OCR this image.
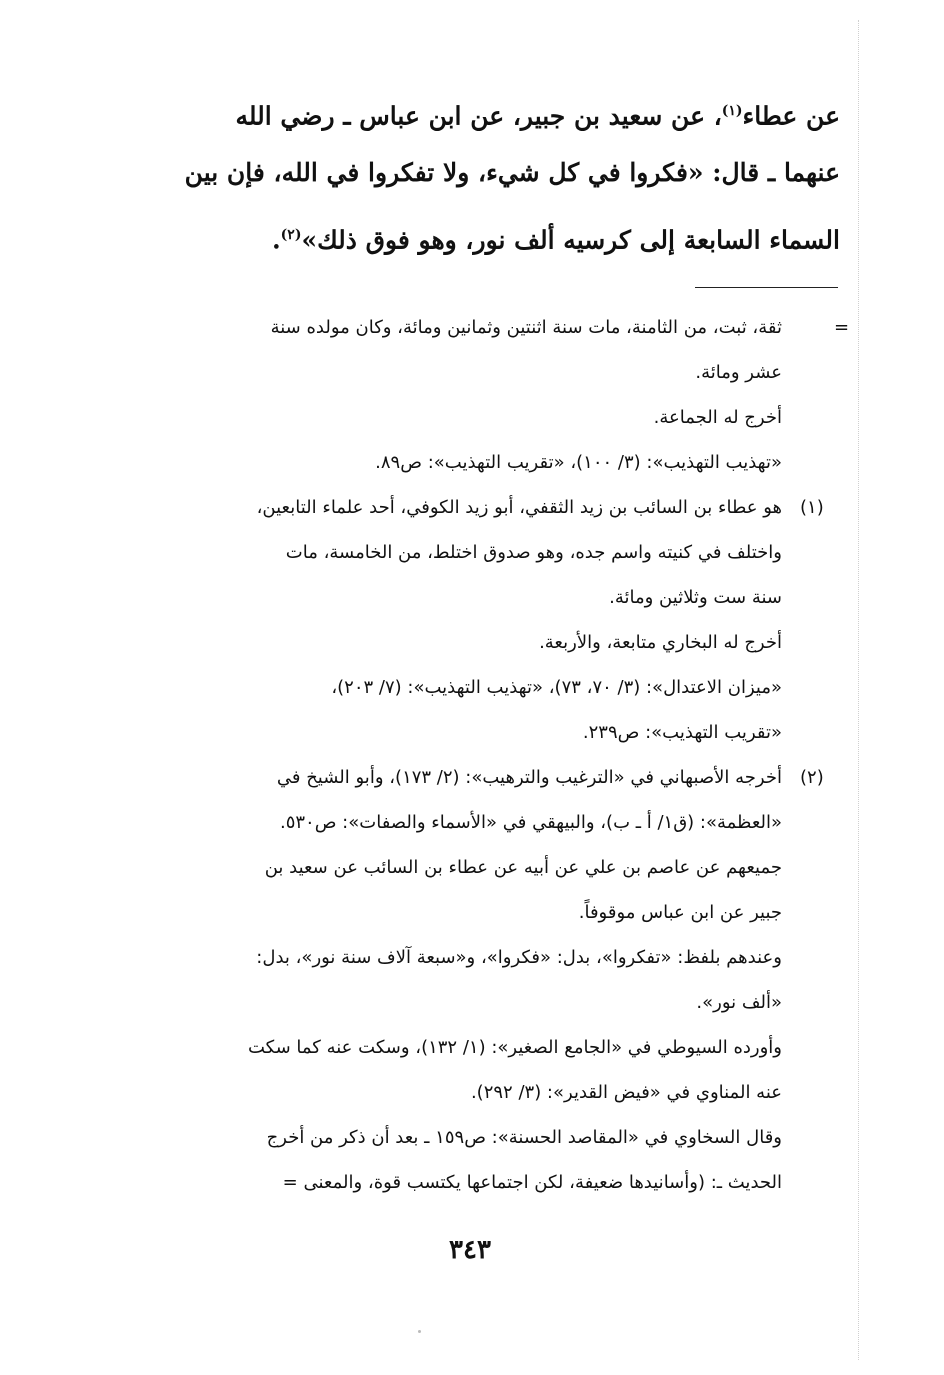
عن عطاء$^{(١)}$، عن سعيد بن جبير، عن ابن عباس ـ رضي الله
عنهما ـ قال: «فكروا في كل شيء، ولا تفكروا في الله، فإن بين
السماء السابعة إلى كرسيه ألف نور، وهو فوق ذلك»$^{(٢)}$.
=
(١)
(٢)
ثقة، ثبت، من الثامنة، مات سنة اثنتين وثمانين ومائة، وكان مولده سنة
عشر ومائة.
أخرج له الجماعة.
«تهذيب التهذيب»: (٣/ ١٠٠)، «تقريب التهذيب»: ص٨٩.
هو عطاء بن السائب بن زيد الثقفي، أبو زيد الكوفي، أحد علماء التابعين،
واختلف في كنيته واسم جده، وهو صدوق اختلط، من الخامسة، مات
سنة ست وثلاثين ومائة.
أخرج له البخاري متابعة، والأربعة.
«ميزان الاعتدال»: (٣/ ٧٠، ٧٣)، «تهذيب التهذيب»: (٧/ ٢٠٣)،
«تقريب التهذيب»: ص٢٣٩.
أخرجه الأصبهاني في «الترغيب والترهيب»: (٢/ ١٧٣)، وأبو الشيخ في
«العظمة»: (ق١/ أ ـ ب)، والبيهقي في «الأسماء والصفات»: ص٥٣٠.
جميعهم عن عاصم بن علي عن أبيه عن عطاء بن السائب عن سعيد بن
جبير عن ابن عباس موقوفاً.
وعندهم بلفظ: «تفكروا»، بدل: «فكروا»، و«سبعة آلاف سنة نور»، بدل:
«ألف نور».
وأورده السيوطي في «الجامع الصغير»: (١/ ١٣٢)، وسكت عنه كما سكت
عنه المناوي في «فيض القدير»: (٣/ ٢٩٢).
وقال السخاوي في «المقاصد الحسنة»: ص١٥٩ ـ بعد أن ذكر من أخرج
الحديث ـ: (وأسانيدها ضعيفة، لكن اجتماعها يكتسب قوة، والمعنى =
٣٤٣
